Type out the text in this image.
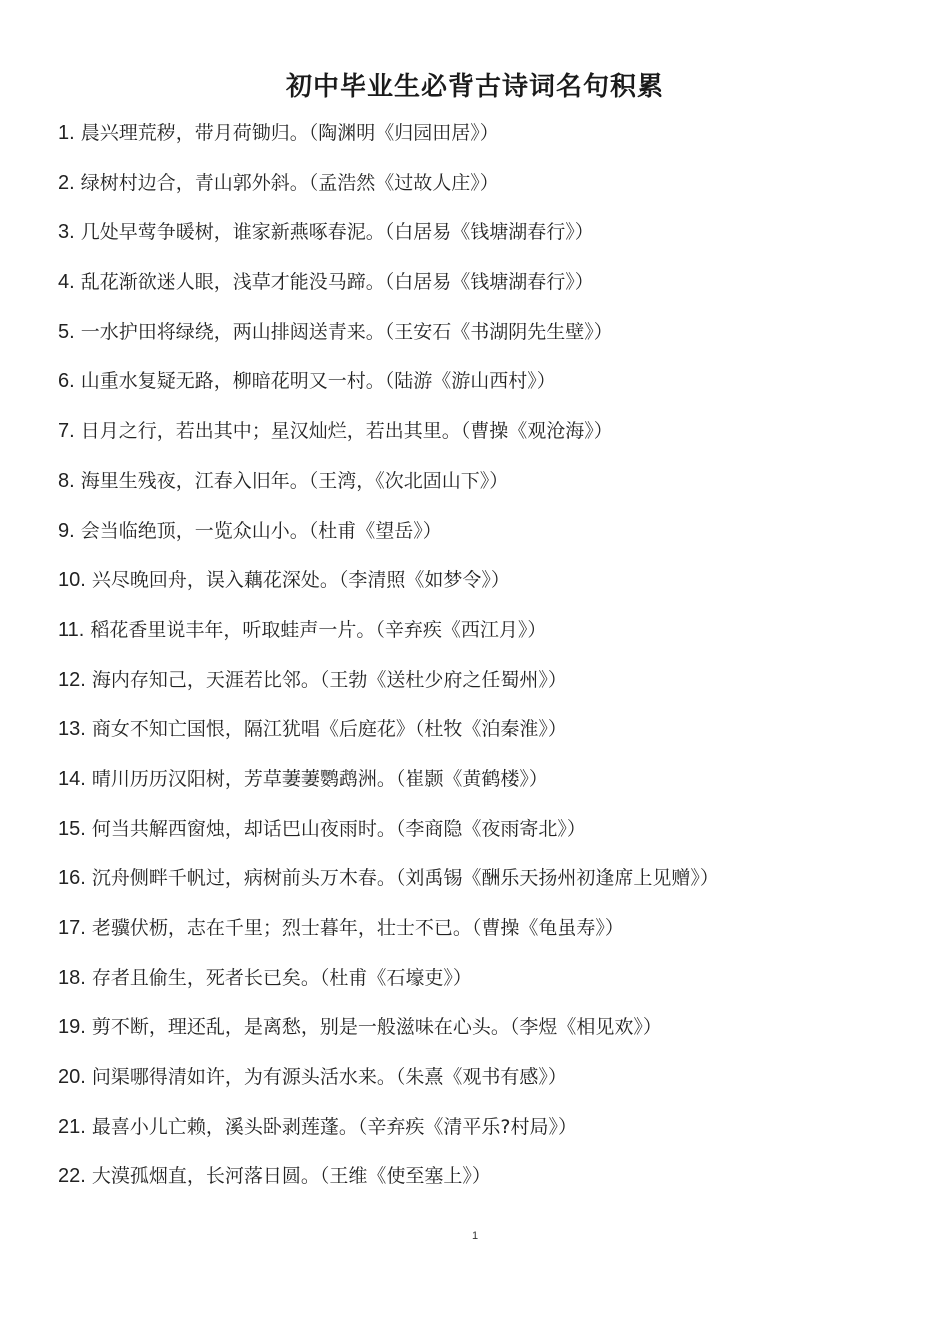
初中毕业生必背古诗词名句积累
1. 晨兴理荒秽，带月荷锄归。（陶渊明《归园田居》）
2. 绿树村边合，青山郭外斜。（孟浩然《过故人庄》）
3. 几处早莺争暖树，谁家新燕啄春泥。（白居易《钱塘湖春行》）
4. 乱花渐欲迷人眼，浅草才能没马蹄。（白居易《钱塘湖春行》）
5. 一水护田将绿绕，两山排闼送青来。（王安石《书湖阴先生壁》）
6. 山重水复疑无路，柳暗花明又一村。（陆游《游山西村》）
7. 日月之行，若出其中；星汉灿烂，若出其里。（曹操《观沧海》）
8. 海里生残夜，江春入旧年。（王湾，《次北固山下》）
9. 会当临绝顶，一览众山小。（杜甫《望岳》）
10. 兴尽晚回舟，误入藕花深处。（李清照《如梦令》）
11. 稻花香里说丰年，听取蛙声一片。（辛弃疾《西江月》）
12. 海内存知己，天涯若比邻。（王勃《送杜少府之任蜀州》）
13. 商女不知亡国恨，隔江犹唱《后庭花》（杜牧《泊秦淮》）
14. 晴川历历汉阳树，芳草萋萋鹦鹉洲。（崔颢《黄鹤楼》）
15. 何当共解西窗烛，却话巴山夜雨时。（李商隐《夜雨寄北》）
16. 沉舟侧畔千帆过，病树前头万木春。（刘禹锡《酬乐天扬州初逢席上见赠》）
17. 老骥伏枥，志在千里；烈士暮年，壮士不已。（曹操《龟虽寿》）
18. 存者且偷生，死者长已矣。（杜甫《石壕吏》）
19. 剪不断，理还乱，是离愁，别是一般滋味在心头。（李煜《相见欢》）
20. 问渠哪得清如许，为有源头活水来。（朱熹《观书有感》）
21. 最喜小儿亡赖，溪头卧剥莲蓬。（辛弃疾《清平乐?村局》）
22. 大漠孤烟直，长河落日圆。（王维《使至塞上》）
1
